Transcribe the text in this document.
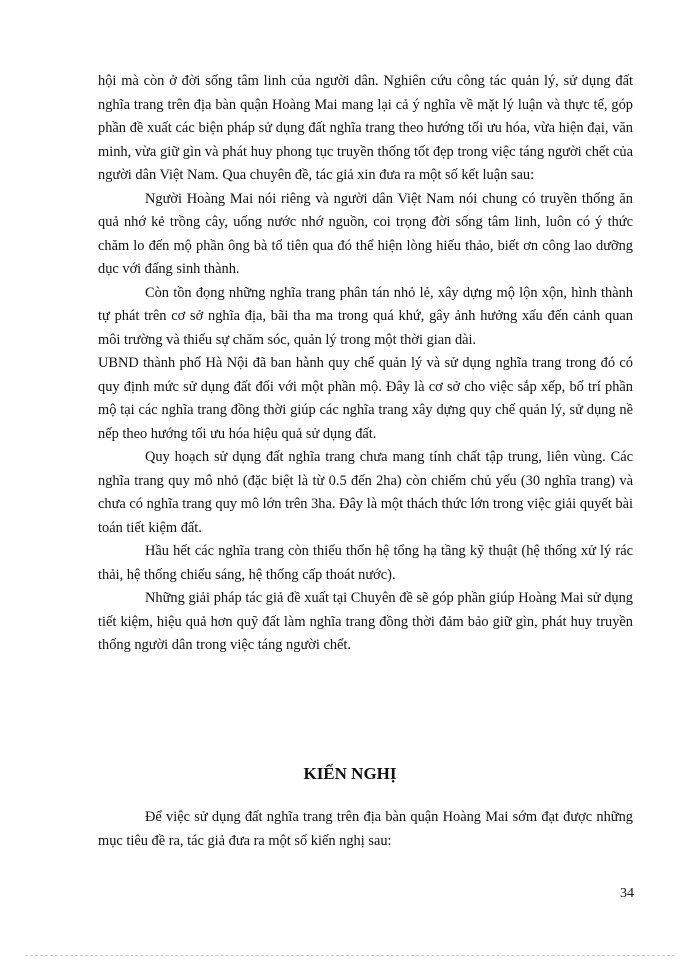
hội mà còn ở đời sống tâm linh của người dân. Nghiên cứu công tác quản lý, sử dụng đất nghĩa trang trên địa bàn quận Hoàng Mai mang lại cả ý nghĩa về mặt lý luận và thực tế, góp phần đề xuất các biện pháp sử dụng đất nghĩa trang theo hướng tối ưu hóa, vừa hiện đại, văn minh, vừa giữ gìn và phát huy phong tục truyền thống tốt đẹp trong việc táng người chết của người dân Việt Nam. Qua chuyên đề, tác giả xin đưa ra một số kết luận sau:

Người Hoàng Mai nói riêng và người dân Việt Nam nói chung có truyền thống ăn quả nhớ kẻ trồng cây, uống nước nhớ nguồn, coi trọng đời sống tâm linh, luôn có ý thức chăm lo đến mộ phần ông bà tổ tiên qua đó thể hiện lòng hiếu thảo, biết ơn công lao dưỡng dục với đấng sinh thành.

Còn tồn đọng những nghĩa trang phân tán nhỏ lẻ, xây dựng mộ lộn xộn, hình thành tự phát trên cơ sở nghĩa địa, bãi tha ma trong quá khứ, gây ảnh hưởng xấu đến cảnh quan môi trường và thiếu sự chăm sóc, quản lý trong một thời gian dài.

UBND thành phố Hà Nội đã ban hành quy chế quản lý và sử dụng nghĩa trang trong đó có quy định mức sử dụng đất đối với một phần mộ. Đây là cơ sở cho việc sắp xếp, bố trí phần mộ tại các nghĩa trang đồng thời giúp các nghĩa trang xây dựng quy chế quản lý, sử dụng nề nếp theo hướng tối ưu hóa hiệu quả sử dụng đất.

Quy hoạch sử dụng đất nghĩa trang chưa mang tính chất tập trung, liên vùng. Các nghĩa trang quy mô nhỏ (đặc biệt là từ 0.5 đến 2ha) còn chiếm chủ yếu (30 nghĩa trang) và chưa có nghĩa trang quy mô lớn trên 3ha. Đây là một thách thức lớn trong việc giải quyết bài toán tiết kiệm đất.

Hầu hết các nghĩa trang còn thiếu thốn hệ tổng hạ tầng kỹ thuật (hệ thống xử lý rác thải, hệ thống chiếu sáng, hệ thống cấp thoát nước).

Những giải pháp tác giả đề xuất tại Chuyên đề sẽ góp phần giúp Hoàng Mai sử dụng tiết kiệm, hiệu quả hơn quỹ đất làm nghĩa trang đồng thời đảm bảo giữ gìn, phát huy truyền thống người dân trong việc táng người chết.

KIẾN NGHỊ

Để việc sử dụng đất nghĩa trang trên địa bàn quận Hoàng Mai sớm đạt được những mục tiêu đề ra, tác giả đưa ra một số kiến nghị sau:

34
